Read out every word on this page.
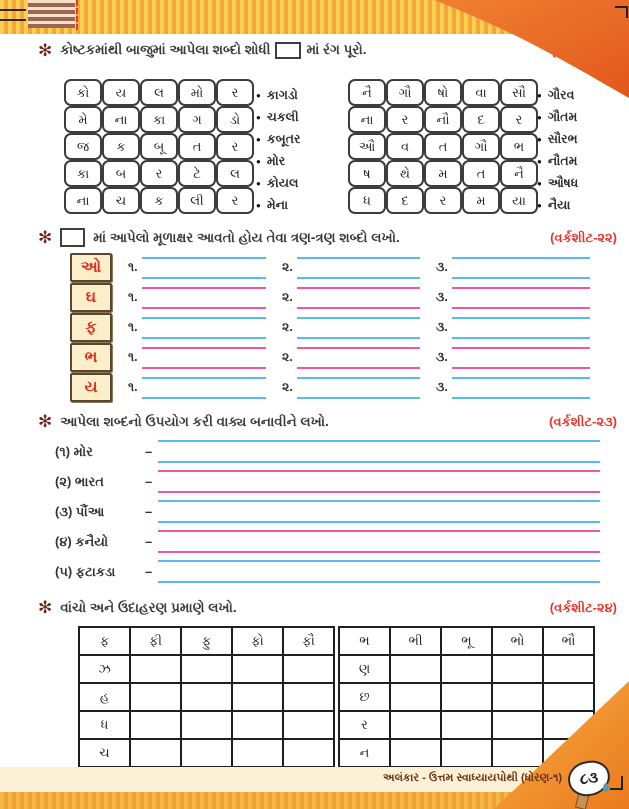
✻ કોષ્ટકમાંથી બાજુમાં આપેલા શબ્દો શોધી	માં રંગ પૂરો.
કો	ય	લ	મો	ર
મે	ના	કા	ગ	ડો
જ	ક	બૂ	ત	ર
કા	બ	ર	ટે	લ
ના	ચ	ક	લી	ર
● કાગડો
● ચકલી
● કબૂતર
● મોર
● કોયલ
● મેના
નૈ	ગૌ	ષો	વા	સૌ
ના	ર	નૌ	દ	ર
ઔ	વ	ત	ગૌ	ભ
ષ	થે	મ	ત	નૈ
ધ	દ	ર	મ	યા
● ગૌરવ
● ગૌતમ
● સૌરભ
● નૌતમ
● ઔષધ
● નૈયા
✻	માં આપેલો મૂળાક્ષર આવતો હોય તેવા ત્રણ-ત્રણ શબ્દો લખો.	(વર્કશીટ-૨૨)
ઓ	૧.	૨.	૩.
ઘ	૧.	૨.	૩.
ફ	૧.	૨.	૩.
ભ	૧.	૨.	૩.
ય	૧.	૨.	૩.
✻ આપેલા શબ્દનો ઉપયોગ કરી વાક્ય બનાવીને લખો.	(વર્કશીટ-૨૩)
(૧) મોર	–
(૨) ભારત	–
(૩) પૌંઆ	–
(૪) કનૈયો	–
(૫) ફટાકડા	–
✻ વાંચો અને ઉદાહરણ પ્રમાણે લખો.	(વર્કશીટ-૨૪)
ફ	ફી	ફુ	ફો	ફૌ
ઝ				
હ				
ધ				
ચ				
ભ	ભી	ભૂ	ભો	ભૌ
ણ				
છ				
ર				
ન				
અલંકાર - ઉત્તમ સ્વાધ્યાયપોથી (ધોરણ-૧)	૮૩
